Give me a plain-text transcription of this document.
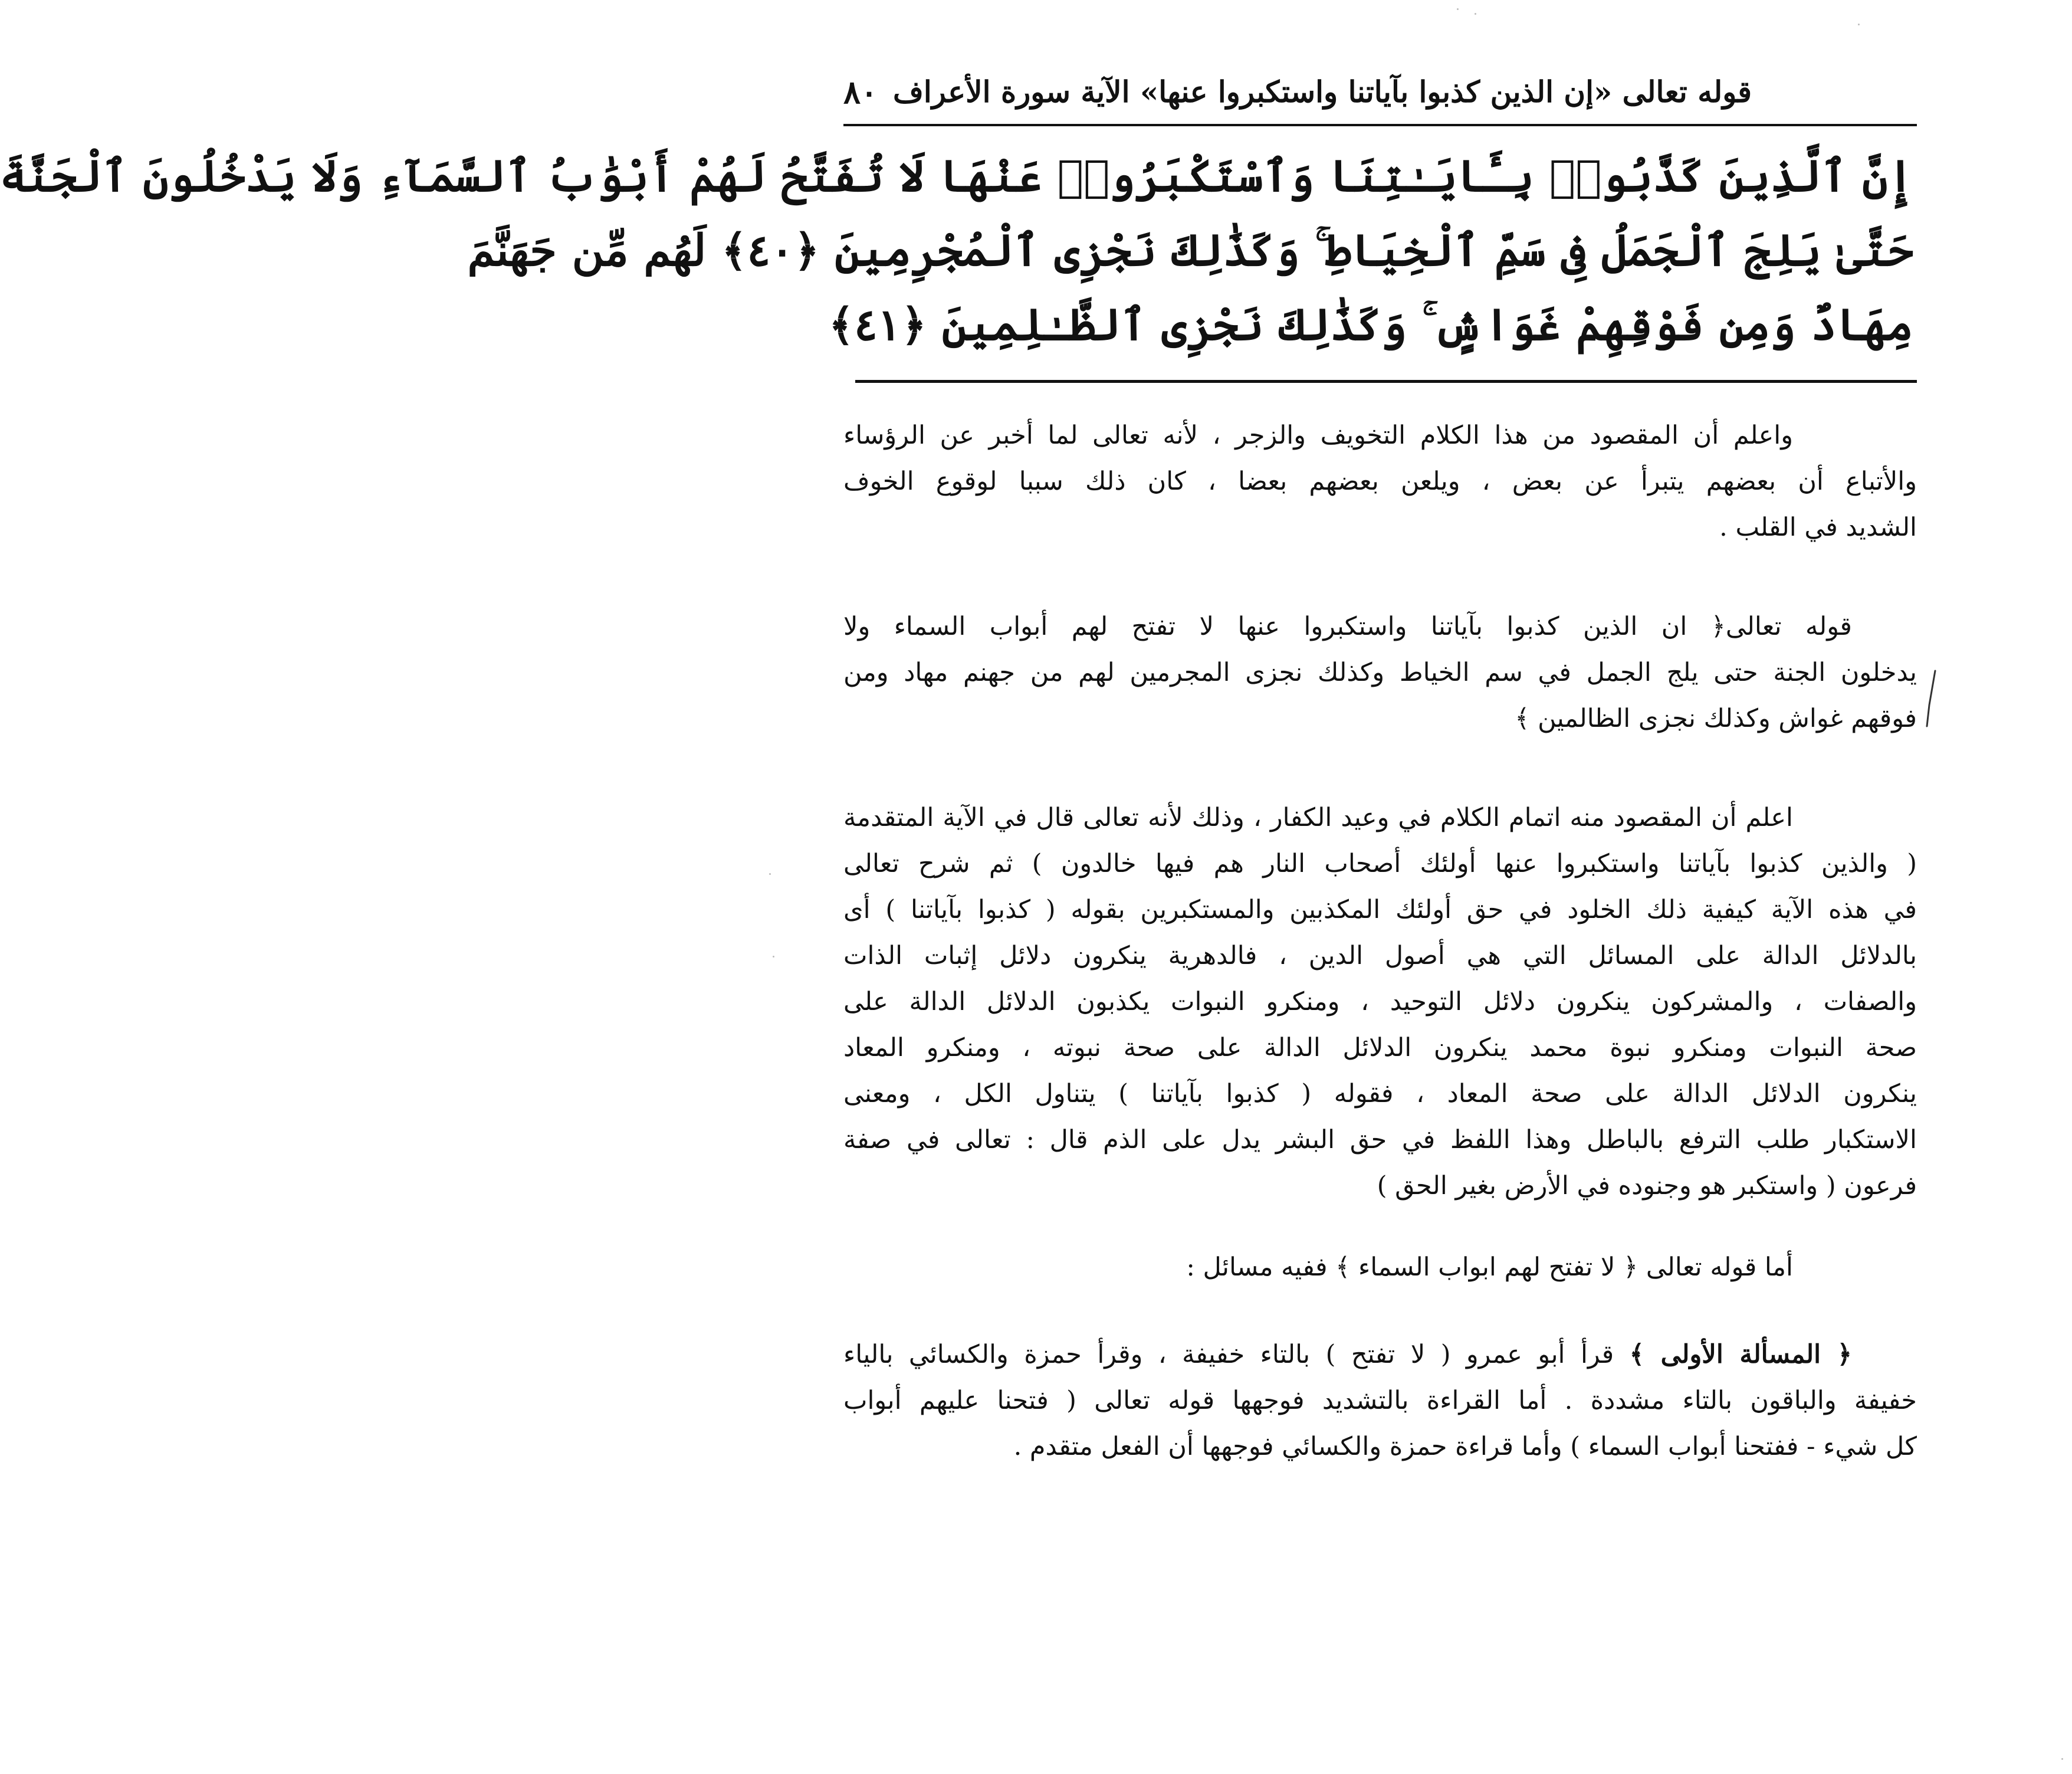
٨٠ قوله تعالى «إن الذين كذبوا بآياتنا واستكبروا عنها» الآية سورة الأعراف
إِنَّ ٱلَّذِينَ كَذَّبُوا۟ بِـَٔايَـٰتِنَا وَٱسْتَكْبَرُوا۟ عَنْهَا لَا تُفَتَّحُ لَهُمْ أَبْوَٰبُ ٱلسَّمَآءِ وَلَا يَدْخُلُونَ ٱلْجَنَّةَ
حَتَّىٰ يَلِجَ ٱلْجَمَلُ فِى سَمِّ ٱلْخِيَاطِ ۚ وَكَذَٰلِكَ نَجْزِى ٱلْمُجْرِمِينَ ﴿٤٠﴾ لَهُم مِّن جَهَنَّمَ
مِهَادٌ وَمِن فَوْقِهِمْ غَوَاشٍ ۚ وَكَذَٰلِكَ نَجْزِى ٱلظَّـٰلِمِينَ ﴿٤١﴾
واعلم أن المقصود من هذا الكلام التخويف والزجر ، لأنه تعالى لما أخبر عن الرؤساء
والأتباع أن بعضهم يتبرأ عن بعض ، ويلعن بعضهم بعضا ، كان ذلك سببا لوقوع الخوف
الشديد في القلب .
قوله تعالى﴿ ان الذين كذبوا بآياتنا واستكبروا عنها لا تفتح لهم أبواب السماء ولا
يدخلون الجنة حتى يلج الجمل في سم الخياط وكذلك نجزى المجرمين لهم من جهنم مهاد ومن
فوقهم غواش وكذلك نجزى الظالمين ﴾
اعلم أن المقصود منه اتمام الكلام في وعيد الكفار ، وذلك لأنه تعالى قال في الآية المتقدمة
( والذين كذبوا بآياتنا واستكبروا عنها أولئك أصحاب النار هم فيها خالدون ) ثم شرح تعالى
في هذه الآية كيفية ذلك الخلود في حق أولئك المكذبين والمستكبرين بقوله ( كذبوا بآياتنا ) أى
بالدلائل الدالة على المسائل التي هي أصول الدين ، فالدهرية ينكرون دلائل إثبات الذات
والصفات ، والمشركون ينكرون دلائل التوحيد ، ومنكرو النبوات يكذبون الدلائل الدالة على
صحة النبوات ومنكرو نبوة محمد ينكرون الدلائل الدالة على صحة نبوته ، ومنكرو المعاد
ينكرون الدلائل الدالة على صحة المعاد ، فقوله ( كذبوا بآياتنا ) يتناول الكل ، ومعنى
الاستكبار طلب الترفع بالباطل وهذا اللفظ في حق البشر يدل على الذم قال : تعالى في صفة
فرعون ( واستكبر هو وجنوده في الأرض بغير الحق )
أما قوله تعالى ﴿ لا تفتح لهم ابواب السماء ﴾ ففيه مسائل :
﴿ المسألة الأولى ﴾ قرأ أبو عمرو ( لا تفتح ) بالتاء خفيفة ، وقرأ حمزة والكسائي بالياء
خفيفة والباقون بالتاء مشددة . أما القراءة بالتشديد فوجهها قوله تعالى ( فتحنا عليهم أبواب
كل شيء - ففتحنا أبواب السماء ) وأما قراءة حمزة والكسائي فوجهها أن الفعل متقدم .
